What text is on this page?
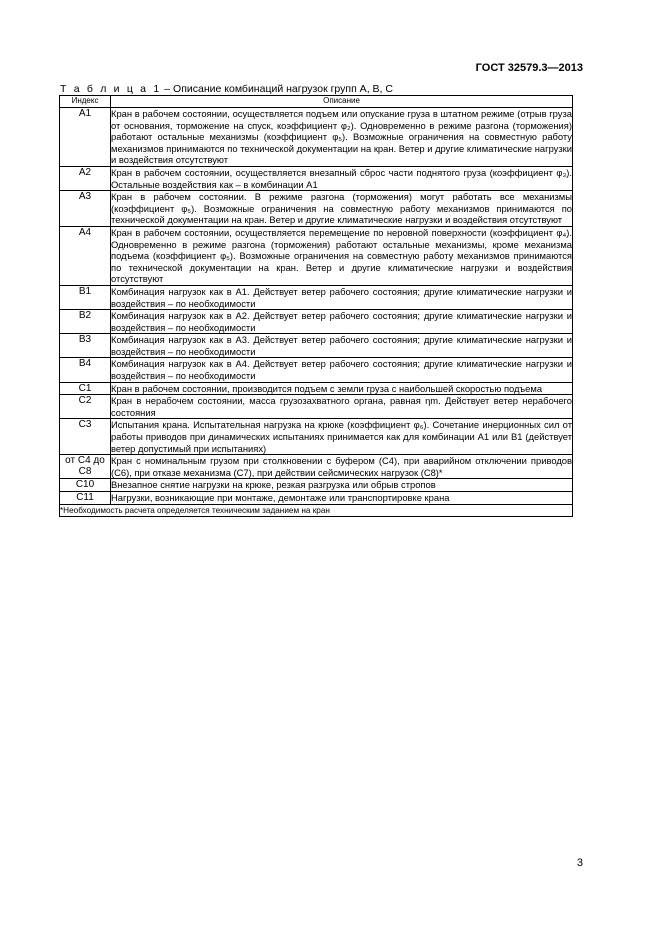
ГОСТ 32579.3—2013
Т а б л и ц а 1 – Описание комбинаций нагрузок групп А, В, С
Индекс	Описание
А1	Кран в рабочем состоянии, осуществляется подъем или опускание груза в штатном режиме (отрыв груза от основания, торможение на спуск, коэффициент φ₂). Одновременно в режиме разгона (торможения) работают остальные механизмы (коэффициент φ₅). Возможные ограничения на совместную работу механизмов принимаются по технической документации на кран. Ветер и другие климатические нагрузки и воздействия отсутствуют
А2	Кран в рабочем состоянии, осуществляется внезапный сброс части поднятого груза (коэффициент φ₃). Остальные воздействия как – в комбинации А1
А3	Кран в рабочем состоянии. В режиме разгона (торможения) могут работать все механизмы (коэффициент φ₅). Возможные ограничения на совместную работу механизмов принимаются по технической документации на кран. Ветер и другие климатические нагрузки и воздействия отсутствуют
А4	Кран в рабочем состоянии, осуществляется перемещение по неровной поверхности (коэффициент φ₄). Одновременно в режиме разгона (торможения) работают остальные механизмы, кроме механизма подъема (коэффициент φ₅). Возможные ограничения на совместную работу механизмов принимаются по технической документации на кран. Ветер и другие климатические нагрузки и воздействия отсутствуют
В1	Комбинация нагрузок как в А1. Действует ветер рабочего состояния; другие климатические нагрузки и воздействия – по необходимости
В2	Комбинация нагрузок как в А2. Действует ветер рабочего состояния; другие климатические нагрузки и воздействия – по необходимости
В3	Комбинация нагрузок как в А3. Действует ветер рабочего состояния; другие климатические нагрузки и воздействия – по необходимости
В4	Комбинация нагрузок как в А4. Действует ветер рабочего состояния; другие климатические нагрузки и воздействия – по необходимости
С1	Кран в рабочем состоянии, производится подъем с земли груза с наибольшей скоростью подъема
С2	Кран в нерабочем состоянии, масса грузозахватного органа, равная ηm. Действует ветер нерабочего состояния
С3	Испытания крана. Испытательная нагрузка на крюке (коэффициент φ₆). Сочетание инерционных сил от работы приводов при динамических испытаниях принимается как для комбинации А1 или В1 (действует ветер допустимый при испытаниях)
от С4 до С8	Кран с номинальным грузом при столкновении с буфером (С4), при аварийном отключении приводов (С6), при отказе механизма (С7), при действии сейсмических нагрузок (С8)*
С10	Внезапное снятие нагрузки на крюке, резкая разгрузка или обрыв стропов
С11	Нагрузки, возникающие при монтаже, демонтаже или транспортировке крана
*Необходимость расчета определяется техническим заданием на кран	
3
